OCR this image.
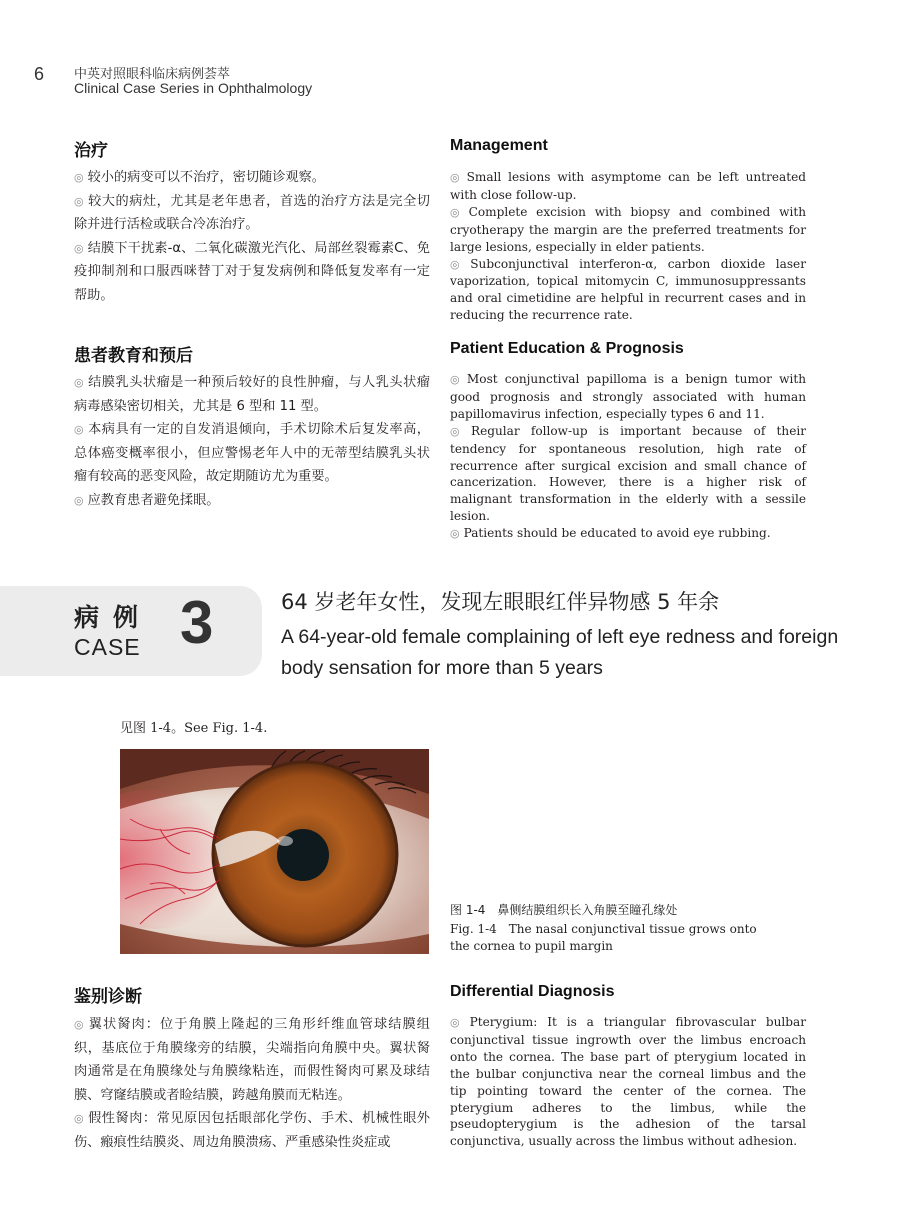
6 中英对照眼科临床病例荟萃
Clinical Case Series in Ophthalmology
治疗

◎ 较小的病变可以不治疗，密切随诊观察。

◎ 较大的病灶，尤其是老年患者，首选的治疗方法是完全切除并进行活检或联合冷冻治疗。

◎ 结膜下干扰素-α、二氧化碳激光汽化、局部丝裂霉素C、免疫抑制剂和口服西咪替丁对于复发病例和降低复发率有一定帮助。

Management

◎ Small lesions with asymptome can be left untreated with close follow-up.

◎ Complete excision with biopsy and combined with cryotherapy the margin are the preferred treatments for large lesions, especially in elder patients.

◎ Subconjunctival interferon-α, carbon dioxide laser vaporization, topical mitomycin C, immunosuppressants and oral cimetidine are helpful in recurrent cases and in reducing the recurrence rate.

患者教育和预后

◎ 结膜乳头状瘤是一种预后较好的良性肿瘤，与人乳头状瘤病毒感染密切相关，尤其是 6 型和 11 型。

◎ 本病具有一定的自发消退倾向，手术切除术后复发率高，总体癌变概率很小，但应警惕老年人中的无蒂型结膜乳头状瘤有较高的恶变风险，故定期随访尤为重要。

◎ 应教育患者避免揉眼。

Patient Education & Prognosis

◎ Most conjunctival papilloma is a benign tumor with good prognosis and strongly associated with human papillomavirus infection, especially types 6 and 11.

◎ Regular follow-up is important because of their tendency for spontaneous resolution, high rate of recurrence after surgical excision and small chance of cancerization. However, there is a higher risk of malignant transformation in the elderly with a sessile lesion.

◎ Patients should be educated to avoid eye rubbing.

病例
CASE 3	64 岁老年女性，发现左眼眼红伴异物感 5 年余
A 64-year-old female complaining of left eye redness and foreign body sensation for more than 5 years
见图 1-4。See Fig. 1-4.
图 1-4　鼻侧结膜组织长入角膜至瞳孔缘处
Fig. 1-4　The nasal conjunctival tissue grows onto the cornea to pupil margin
鉴别诊断

◎ 翼状胬肉：位于角膜上隆起的三角形纤维血管球结膜组织，基底位于角膜缘旁的结膜，尖端指向角膜中央。翼状胬肉通常是在角膜缘处与角膜缘粘连，而假性胬肉可累及球结膜、穹窿结膜或者睑结膜，跨越角膜而无粘连。

◎ 假性胬肉：常见原因包括眼部化学伤、手术、机械性眼外伤、瘢痕性结膜炎、周边角膜溃疡、严重感染性炎症或

Differential Diagnosis

◎ Pterygium: It is a triangular fibrovascular bulbar conjunctival tissue ingrowth over the limbus encroach onto the cornea. The base part of pterygium located in the bulbar conjunctiva near the corneal limbus and the tip pointing toward the center of the cornea. The pterygium adheres to the limbus, while the pseudopterygium is the adhesion of the tarsal conjunctiva, usually across the limbus without adhesion.
